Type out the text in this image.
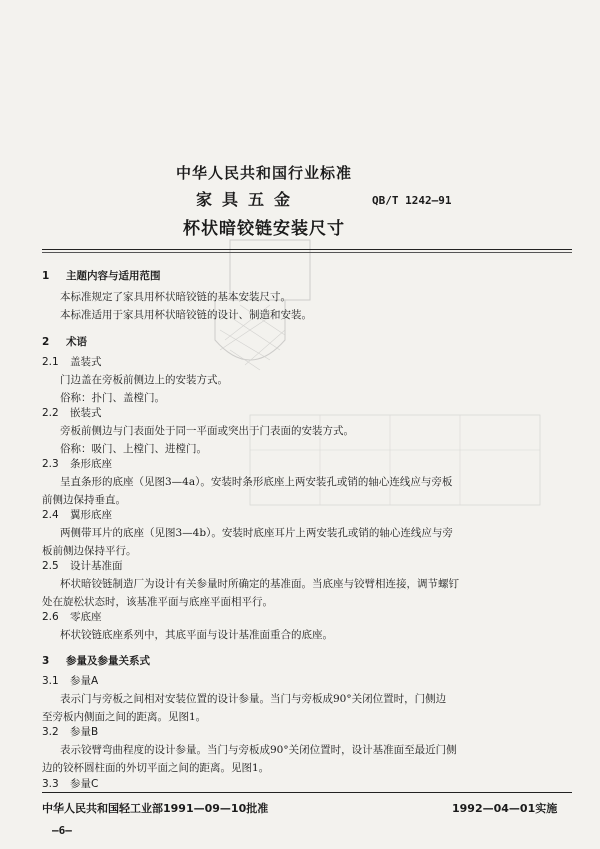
中华人民共和国行业标准
家具五金	QB/T 1242—91
杯状暗铰链安装尺寸
1 主题内容与适用范围
本标准规定了家具用杯状暗铰链的基本安装尺寸。
本标准适用于家具用杯状暗铰链的设计、制造和安装。
2 术语
2.1 盖装式
门边盖在旁板前侧边上的安装方式。
俗称：扑门、盖樘门。
2.2 嵌装式
旁板前侧边与门表面处于同一平面或突出于门表面的安装方式。
俗称：吸门、上樘门、进樘门。
2.3 条形底座
呈直条形的底座（见图3—4a）。安装时条形底座上两安装孔或销的轴心连线应与旁板
前侧边保持垂直。
2.4 翼形底座
两侧带耳片的底座（见图3—4b）。安装时底座耳片上两安装孔或销的轴心连线应与旁
板前侧边保持平行。
2.5 设计基准面
杯状暗铰链制造厂为设计有关参量时所确定的基准面。当底座与铰臂相连接，调节螺钉
处在旋松状态时，该基准平面与底座平面相平行。
2.6 零底座
杯状铰链底座系列中，其底平面与设计基准面重合的底座。
3 参量及参量关系式
3.1 参量A
表示门与旁板之间相对安装位置的设计参量。当门与旁板成90°关闭位置时，门侧边
至旁板内侧面之间的距离。见图1。
3.2 参量B
表示铰臂弯曲程度的设计参量。当门与旁板成90°关闭位置时，设计基准面至最近门侧
边的铰杯圆柱面的外切平面之间的距离。见图1。
3.3 参量C
中华人民共和国轻工业部1991—09—10批准	1992—04—01实施
—6—
